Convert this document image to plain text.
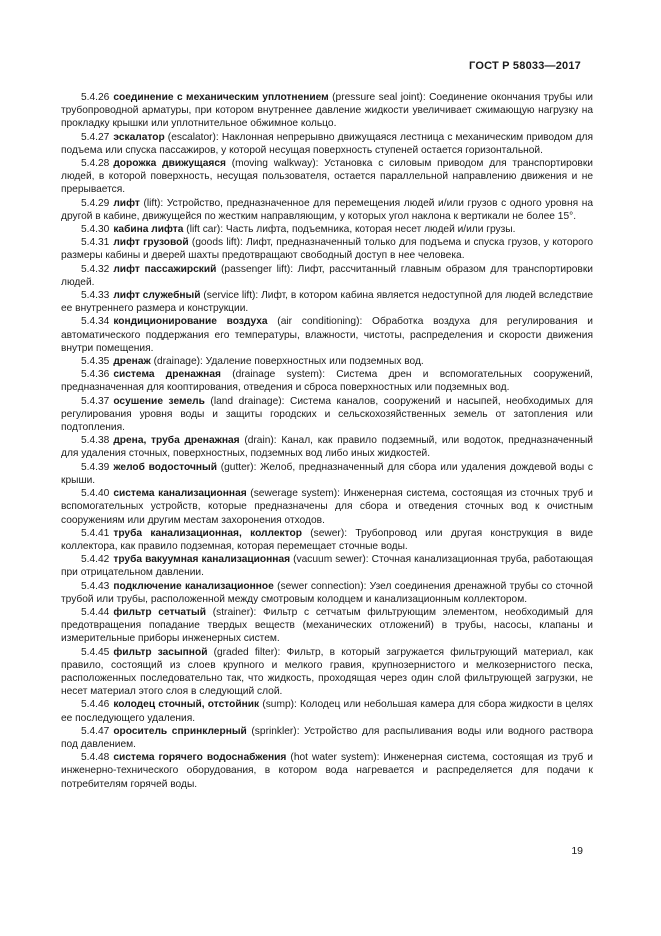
ГОСТ Р 58033—2017

5.4.26 соединение с механическим уплотнением (pressure seal joint): Соединение окончания трубы или трубопроводной арматуры, при котором внутреннее давление жидкости увеличивает сжимающую нагрузку на прокладку крышки или уплотнительное обжимное кольцо.

5.4.27 эскалатор (escalator): Наклонная непрерывно движущаяся лестница с механическим приводом для подъема или спуска пассажиров, у которой несущая поверхность ступеней остается горизонтальной.

5.4.28 дорожка движущаяся (moving walkway): Установка с силовым приводом для транспортировки людей, в которой поверхность, несущая пользователя, остается параллельной направлению движения и не прерывается.

5.4.29 лифт (lift): Устройство, предназначенное для перемещения людей и/или грузов с одного уровня на другой в кабине, движущейся по жестким направляющим, у которых угол наклона к вертикали не более 15°.

5.4.30 кабина лифта (lift car): Часть лифта, подъемника, которая несет людей и/или грузы.

5.4.31 лифт грузовой (goods lift): Лифт, предназначенный только для подъема и спуска грузов, у которого размеры кабины и дверей шахты предотвращают свободный доступ в нее человека.

5.4.32 лифт пассажирский (passenger lift): Лифт, рассчитанный главным образом для транспортировки людей.

5.4.33 лифт служебный (service lift): Лифт, в котором кабина является недоступной для людей вследствие ее внутреннего размера и конструкции.

5.4.34 кондиционирование воздуха (air conditioning): Обработка воздуха для регулирования и автоматического поддержания его температуры, влажности, чистоты, распределения и скорости движения внутри помещения.

5.4.35 дренаж (drainage): Удаление поверхностных или подземных вод.

5.4.36 система дренажная (drainage system): Система дрен и вспомогательных сооружений, предназначенная для кооптирования, отведения и сброса поверхностных или подземных вод.

5.4.37 осушение земель (land drainage): Система каналов, сооружений и насыпей, необходимых для регулирования уровня воды и защиты городских и сельскохозяйственных земель от затопления или подтопления.

5.4.38 дрена, труба дренажная (drain): Канал, как правило подземный, или водоток, предназначенный для удаления сточных, поверхностных, подземных вод либо иных жидкостей.

5.4.39 желоб водосточный (gutter): Желоб, предназначенный для сбора или удаления дождевой воды с крыши.

5.4.40 система канализационная (sewerage system): Инженерная система, состоящая из сточных труб и вспомогательных устройств, которые предназначены для сбора и отведения сточных вод к очистным сооружениям или другим местам захоронения отходов.

5.4.41 труба канализационная, коллектор (sewer): Трубопровод или другая конструкция в виде коллектора, как правило подземная, которая перемещает сточные воды.

5.4.42 труба вакуумная канализационная (vacuum sewer): Сточная канализационная труба, работающая при отрицательном давлении.

5.4.43 подключение канализационное (sewer connection): Узел соединения дренажной трубы со сточной трубой или трубы, расположенной между смотровым колодцем и канализационным коллектором.

5.4.44 фильтр сетчатый (strainer): Фильтр с сетчатым фильтрующим элементом, необходимый для предотвращения попадание твердых веществ (механических отложений) в трубы, насосы, клапаны и измерительные приборы инженерных систем.

5.4.45 фильтр засыпной (graded filter): Фильтр, в который загружается фильтрующий материал, как правило, состоящий из слоев крупного и мелкого гравия, крупнозернистого и мелкозернистого песка, расположенных последовательно так, что жидкость, проходящая через один слой фильтрующей загрузки, не несет материал этого слоя в следующий слой.

5.4.46 колодец сточный, отстойник (sump): Колодец или небольшая камера для сбора жидкости в целях ее последующего удаления.

5.4.47 ороситель спринклерный (sprinkler): Устройство для распыливания воды или водного раствора под давлением.

5.4.48 система горячего водоснабжения (hot water system): Инженерная система, состоящая из труб и инженерно-технического оборудования, в котором вода нагревается и распределяется для подачи к потребителям горячей воды.

19
